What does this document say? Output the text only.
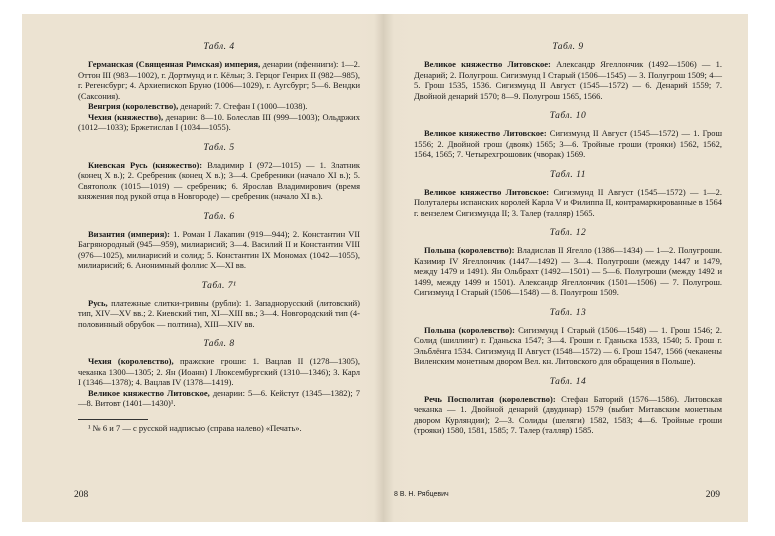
Табл. 4

Германская (Священная Римская) империя, денарии (пфенниги): 1—2. Оттон III (983—1002), г. Дортмунд и г. Кёльн; 3. Герцог Генрих II (982—985), г. Регенсбург; 4. Архиепископ Бруно (1006—1029), г. Аугсбург; 5—6. Вендки (Саксония).

Венгрия (королевство), денарий: 7. Стефан I (1000—1038).

Чехия (княжество), денарии: 8—10. Болеслав III (999—1003); Ольдржих (1012—1033); Бржетислав I (1034—1055).

Табл. 5

Киевская Русь (княжество): Владимир I (972—1015) — 1. Златник (конец X в.); 2. Сребреник (конец X в.); 3—4. Сребреники (начало XI в.); 5. Святополк (1015—1019) — сребреник; 6. Ярослав Владимирович (время княжения под рукой отца в Новгороде) — сребреник (начало XI в.).

Табл. 6

Византия (империя): 1. Роман I Лакапин (919—944); 2. Константин VII Багрянородный (945—959), милиарисий; 3—4. Василий II и Константин VIII (976—1025), милиарисий и солид; 5. Константин IX Мономах (1042—1055), милиарисий; 6. Анонимный фоллис X—XI вв.

Табл. 7¹

Русь, платежные слитки-гривны (рубли): 1. Западнорусский (литовский) тип, XIV—XV вв.; 2. Киевский тип, XI—XIII вв.; 3—4. Новгородский тип (4-половинный обрубок — полтина), XIII—XIV вв.

Табл. 8

Чехия (королевство), пражские гроши: 1. Вацлав II (1278—1305), чеканка 1300—1305; 2. Ян (Иоанн) I Люксембургский (1310—1346); 3. Карл I (1346—1378); 4. Вацлав IV (1378—1419).

Великое княжество Литовское, денарии: 5—6. Кейстут (1345—1382); 7—8. Витовт (1401—1430)¹.

¹ № 6 и 7 — с русской надписью (справа налево) «Печать».
208
Табл. 9

Великое княжество Литовское: Александр Ягеллончик (1492—1506) — 1. Денарий; 2. Полугрош. Сигизмунд I Старый (1506—1545) — 3. Полугрош 1509; 4—5. Грош 1535, 1536. Сигизмунд II Август (1545—1572) — 6. Денарий 1559; 7. Двойной денарий 1570; 8—9. Полугрош 1565, 1566.

Табл. 10

Великое княжество Литовское: Сигизмунд II Август (1545—1572) — 1. Грош 1556; 2. Двойной грош (двояк) 1565; 3—6. Тройные гроши (трояки) 1562, 1562, 1564, 1565; 7. Четырехгрошовик (чворак) 1569.

Табл. 11

Великое княжество Литовское: Сигизмунд II Август (1545—1572) — 1—2. Полуталеры испанских королей Карла V и Филиппа II, контрамаркированные в 1564 г. вензелем Сигизмунда II; 3. Талер (талляр) 1565.

Табл. 12

Польша (королевство): Владислав II Ягелло (1386—1434) — 1—2. Полугроши. Казимир IV Ягеллончик (1447—1492) — 3—4. Полугроши (между 1447 и 1479, между 1479 и 1491). Ян Ольбрахт (1492—1501) — 5—6. Полугроши (между 1492 и 1499, между 1499 и 1501). Александр Ягеллончик (1501—1506) — 7. Полугрош. Сигизмунд I Старый (1506—1548) — 8. Полугрош 1509.

Табл. 13

Польша (королевство): Сигизмунд I Старый (1506—1548) — 1. Грош 1546; 2. Солид (шиллинг) г. Гданьска 1547; 3—4. Гроши г. Гданьска 1533, 1540; 5. Грош г. Эльблёнга 1534. Сигизмунд II Август (1548—1572) — 6. Грош 1547, 1566 (чеканены Виленским монетным двором Вел. кн. Литовского для обращения в Польше).

Табл. 14

Речь Посполитая (королевство): Стефан Баторий (1576—1586). Литовская чеканка — 1. Двойной денарий (двудинар) 1579 (выбит Митавским монетным двором Курляндии); 2—3. Солиды (шеляги) 1582, 1583; 4—6. Тройные гроши (трояки) 1580, 1581, 1585; 7. Талер (талляр) 1585.

8 В. Н. Рябцевич	209
